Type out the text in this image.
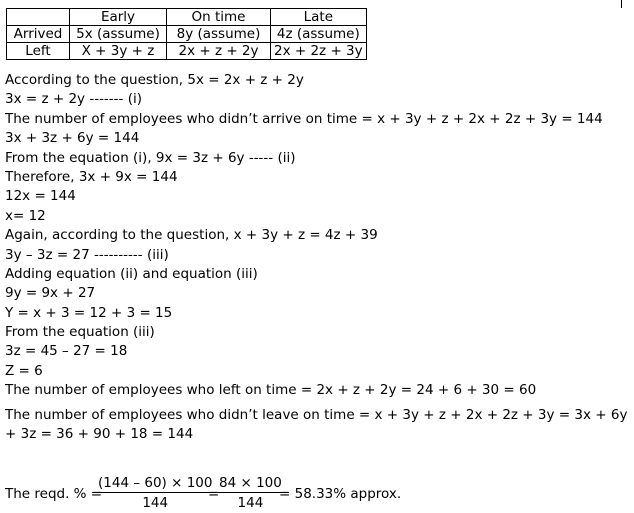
	Early	On time	Late
Arrived	5x (assume)	8y (assume)	4z (assume)
Left	X + 3y + z	2x + z + 2y	2x + 2z + 3y
According to the question, 5x = 2x + z + 2y
3x = z + 2y ------- (i)
The number of employees who didn’t arrive on time = x + 3y + z + 2x + 2z + 3y = 144
3x + 3z + 6y = 144
From the equation (i), 9x = 3z + 6y ----- (ii)
Therefore, 3x + 9x = 144
12x = 144
x= 12
Again, according to the question, x + 3y + z = 4z + 39
3y – 3z = 27 ---------- (iii)
Adding equation (ii) and equation (iii)
9y = 9x + 27
Y = x + 3 = 12 + 3 = 15
From the equation (iii)
3z = 45 – 27 = 18
Z = 6
The number of employees who left on time = 2x + z + 2y = 24 + 6 + 30 = 60
The number of employees who didn’t leave on time = x + 3y + z + 2x + 2z + 3y = 3x + 6y + 3z = 36 + 90 + 18 = 144
The reqd. % =
$\frac{(144 - 60) \times 100}{144}$
=
$\frac{84 \times 100}{144}$
= 58.33% approx.
